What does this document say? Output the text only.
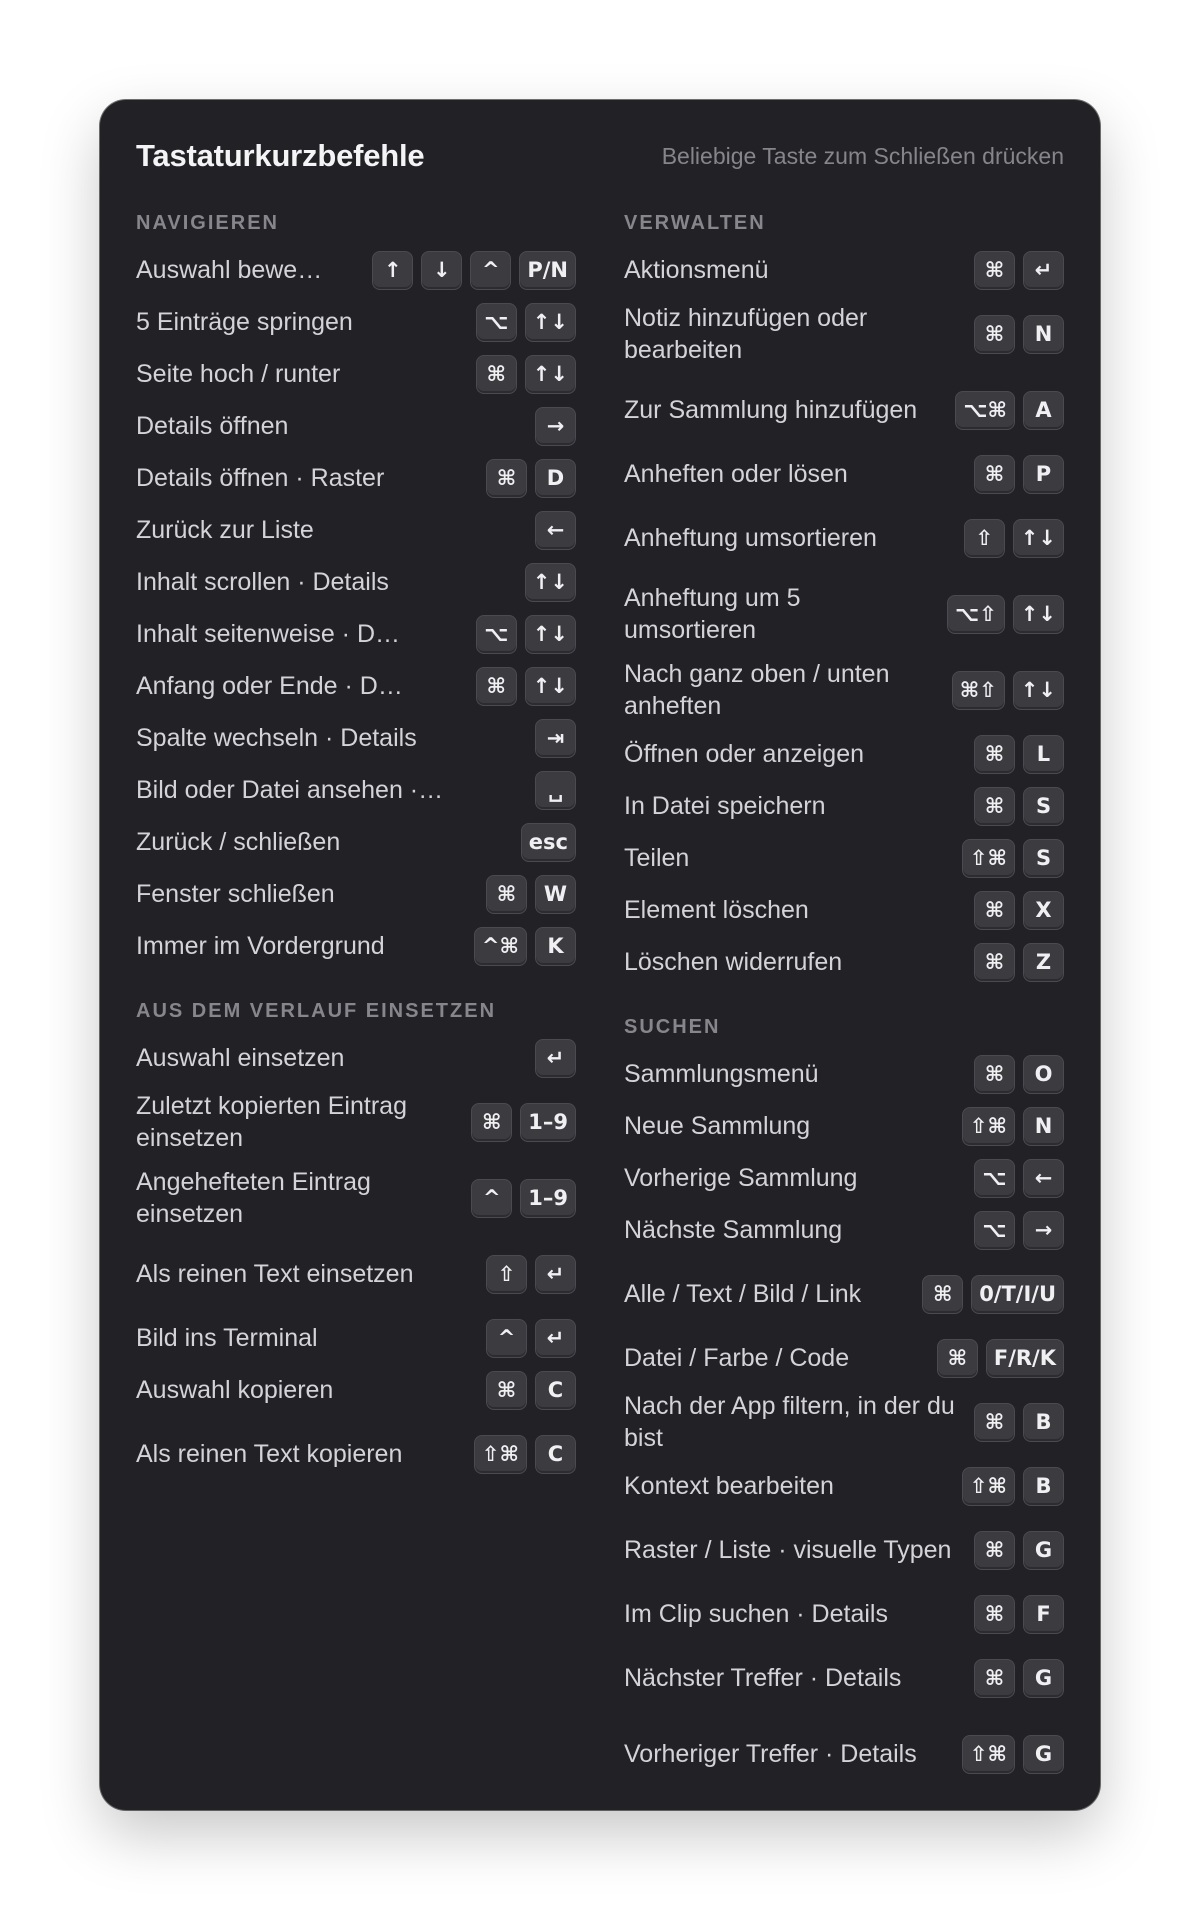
Tastaturkurzbefehle	Beliebige Taste zum Schließen drücken
NAVIGIEREN
Auswahl bewe…	↑	↓	^	P/N
5 Einträge springen	⌥	↑↓
Seite hoch / runter	⌘	↑↓
Details öffnen	→
Details öffnen · Raster	⌘	D
Zurück zur Liste	←
Inhalt scrollen · Details	↑↓
Inhalt seitenweise · D…	⌥	↑↓
Anfang oder Ende · D…	⌘	↑↓
Spalte wechseln · Details	⇥
Bild oder Datei ansehen ·…	␣
Zurück / schließen	esc
Fenster schließen	⌘	W
Immer im Vordergrund	^⌘	K
AUS DEM VERLAUF EINSETZEN
Auswahl einsetzen	↵
Zuletzt kopierten Eintrag einsetzen
⌘	1–9
Angehefteten Eintrag einsetzen
^	1–9
Als reinen Text einsetzen	⇧	↵
Bild ins Terminal	^	↵
Auswahl kopieren	⌘	C
Als reinen Text kopieren	⇧⌘	C
VERWALTEN
Aktionsmenü	⌘	↵
Notiz hinzufügen oder bearbeiten
⌘	N
Zur Sammlung hinzufügen	⌥⌘	A
Anheften oder lösen	⌘	P
Anheftung umsortieren	⇧	↑↓
Anheftung um 5 umsortieren
⌥⇧	↑↓
Nach ganz oben / unten anheften
⌘⇧	↑↓
Öffnen oder anzeigen	⌘	L
In Datei speichern	⌘	S
Teilen	⇧⌘	S
Element löschen	⌘	X
Löschen widerrufen	⌘	Z
SUCHEN
Sammlungsmenü	⌘	O
Neue Sammlung	⇧⌘	N
Vorherige Sammlung	⌥	←
Nächste Sammlung	⌥	→
Alle / Text / Bild / Link	⌘	0/T/I/U
Datei / Farbe / Code	⌘	F/R/K
Nach der App filtern, in der du bist
⌘	B
Kontext bearbeiten	⇧⌘	B
Raster / Liste · visuelle Typen	⌘	G
Im Clip suchen · Details	⌘	F
Nächster Treffer · Details	⌘	G
Vorheriger Treffer · Details	⇧⌘	G
